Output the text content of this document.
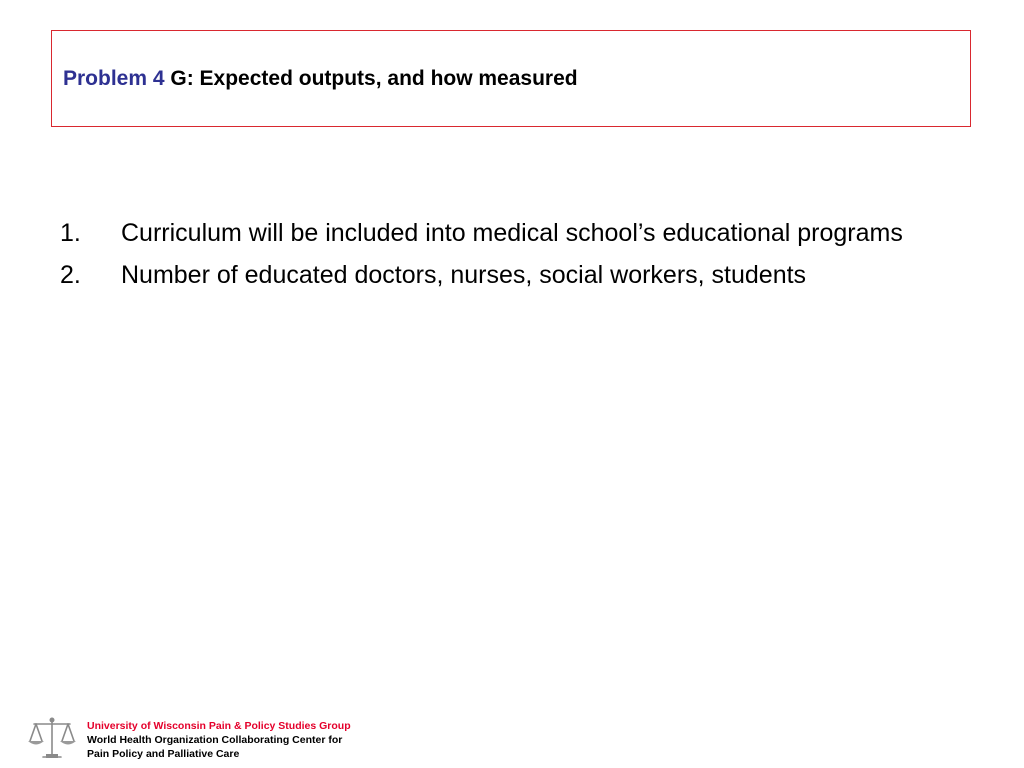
Problem 4 G: Expected outputs, and how measured
1.	Curriculum will be included into medical school’s educational programs
2.	Number of educated doctors, nurses, social workers, students
University of Wisconsin Pain & Policy Studies Group
World Health Organization Collaborating Center for
Pain Policy and Palliative Care
